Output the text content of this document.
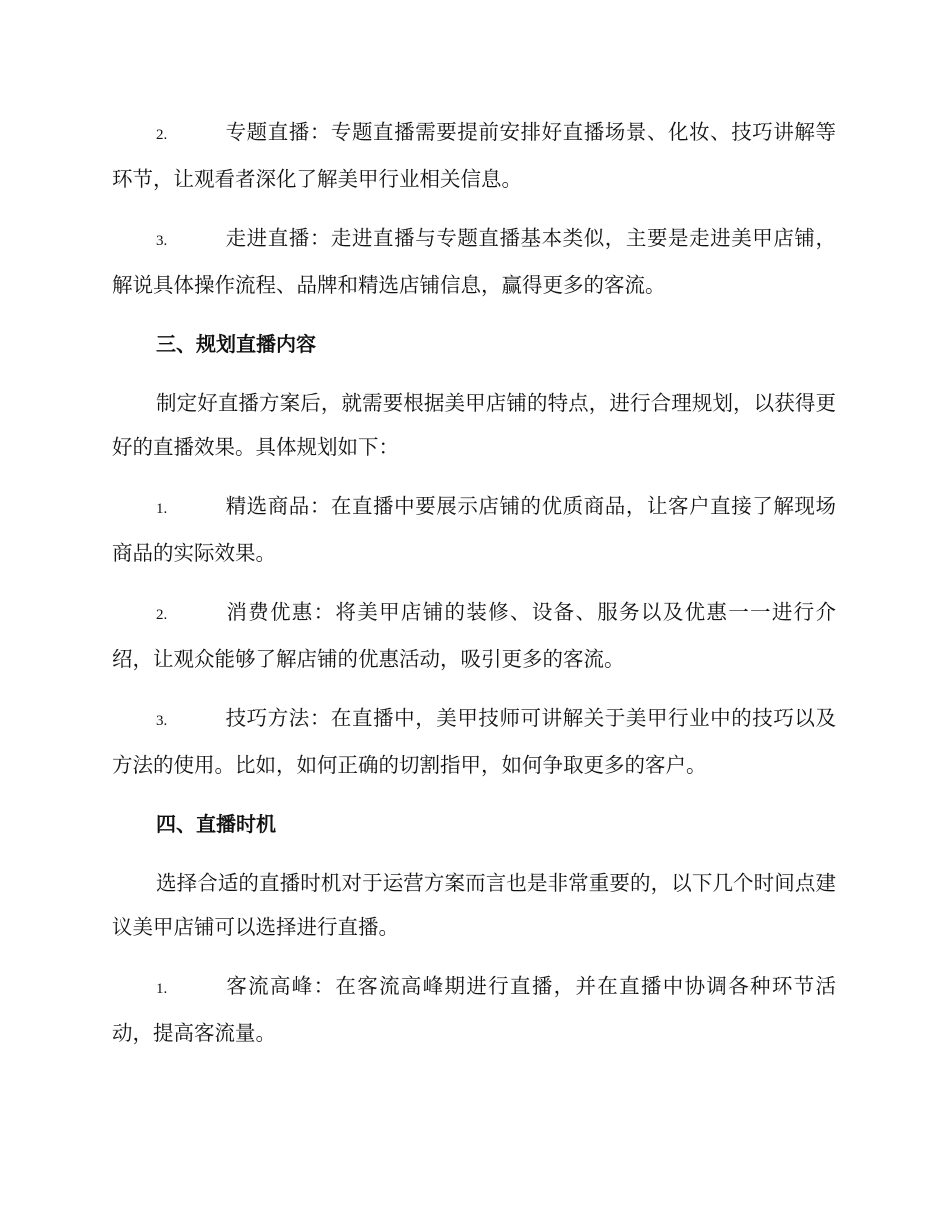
2.	专题直播：专题直播需要提前安排好直播场景、化妆、技巧讲解等环节，让观看者深化了解美甲行业相关信息。
3.	走进直播：走进直播与专题直播基本类似，主要是走进美甲店铺，解说具体操作流程、品牌和精选店铺信息，赢得更多的客流。
三、规划直播内容
制定好直播方案后，就需要根据美甲店铺的特点，进行合理规划，以获得更好的直播效果。具体规划如下：
1.	精选商品：在直播中要展示店铺的优质商品，让客户直接了解现场商品的实际效果。
2.	消费优惠：将美甲店铺的装修、设备、服务以及优惠一一进行介绍，让观众能够了解店铺的优惠活动，吸引更多的客流。
3.	技巧方法：在直播中，美甲技师可讲解关于美甲行业中的技巧以及方法的使用。比如，如何正确的切割指甲，如何争取更多的客户。
四、直播时机
选择合适的直播时机对于运营方案而言也是非常重要的，以下几个时间点建议美甲店铺可以选择进行直播。
1.	客流高峰：在客流高峰期进行直播，并在直播中协调各种环节活动，提高客流量。
